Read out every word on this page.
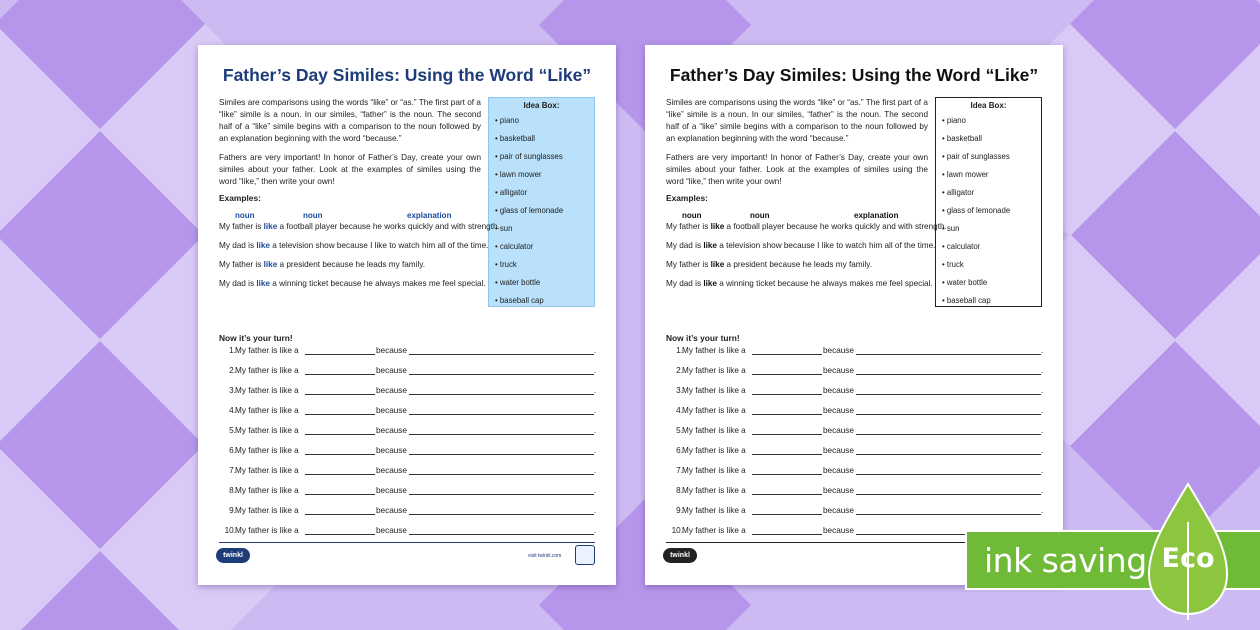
Father’s Day Similes: Using the Word “Like”

Similes are comparisons using the words “like” or “as.” The first part of a “like” simile is a noun. In our similes, “father” is the noun. The second half of a “like” simile begins with a comparison to the noun followed by an explanation beginning with the word “because.”

Fathers are very important! In honor of Father’s Day, create your own similes about your father. Look at the examples of similes using the word “like,” then write your own!

Idea Box:
• piano
• basketball
• pair of sunglasses
• lawn mower
• alligator
• glass of lemonade
• sun
• calculator
• truck
• water bottle
• baseball cap
Examples:
noun	noun	explanation

My father is like a football player because he works quickly and with strength.

My dad is like a television show because I like to watch him all of the time.

My father is like a president because he leads my family.

My dad is like a winning ticket because he always makes me feel special.

Now it’s your turn!
1. My father is like a	because	.
2. My father is like a	because	.
3. My father is like a	because	.
4. My father is like a	because	.
5. My father is like a	because	.
6. My father is like a	because	.
7. My father is like a	because	.
8. My father is like a	because	.
9. My father is like a	because	.
10. My father is like a	because	.
twinkl	visit twinkl.com
Father’s Day Similes: Using the Word “Like”

Similes are comparisons using the words “like” or “as.” The first part of a “like” simile is a noun. In our similes, “father” is the noun. The second half of a “like” simile begins with a comparison to the noun followed by an explanation beginning with the word “because.”

Fathers are very important! In honor of Father’s Day, create your own similes about your father. Look at the examples of similes using the word “like,” then write your own!

Idea Box:
• piano
• basketball
• pair of sunglasses
• lawn mower
• alligator
• glass of lemonade
• sun
• calculator
• truck
• water bottle
• baseball cap
Examples:
noun	noun	explanation

My father is like a football player because he works quickly and with strength.

My dad is like a television show because I like to watch him all of the time.

My father is like a president because he leads my family.

My dad is like a winning ticket because he always makes me feel special.

Now it’s your turn!
1. My father is like a	because	.
2. My father is like a	because	.
3. My father is like a	because	.
4. My father is like a	because	.
5. My father is like a	because	.
6. My father is like a	because	.
7. My father is like a	because	.
8. My father is like a	because	.
9. My father is like a	because	.
10. My father is like a	because
twinkl	ink saving Eco
